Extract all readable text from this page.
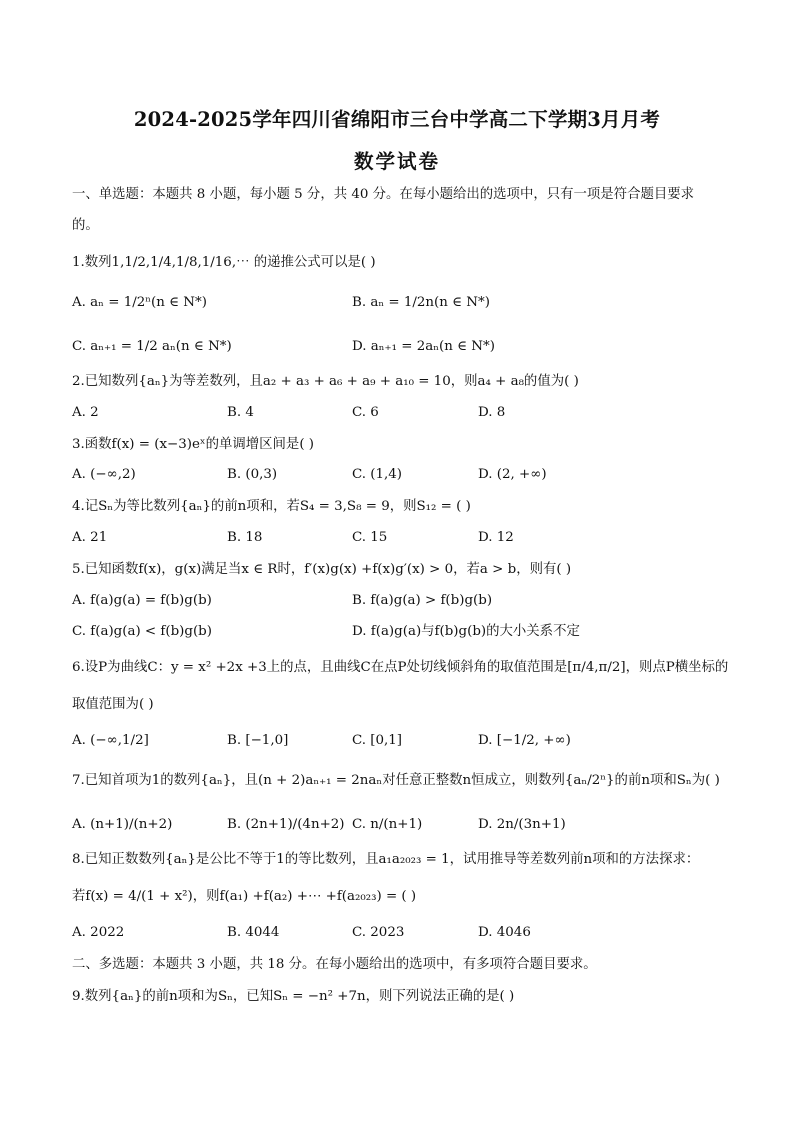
2024-2025学年四川省绵阳市三台中学高二下学期3月月考
数学试卷
一、单选题：本题共 8 小题，每小题 5 分，共 40 分。在每小题给出的选项中，只有一项是符合题目要求
的。
1.数列1,1/2,1/4,1/8,1/16,⋯ 的递推公式可以是( )
A. aₙ = 1/2ⁿ(n ∈ N*)	B. aₙ = 1/2n(n ∈ N*)
C. aₙ₊₁ = 1/2 aₙ(n ∈ N*)	D. aₙ₊₁ = 2aₙ(n ∈ N*)
2.已知数列{aₙ}为等差数列，且a₂ + a₃ + a₆ + a₉ + a₁₀ = 10，则a₄ + a₈的值为( )
A. 2	B. 4	C. 6	D. 8
3.函数f(x) = (x−3)eˣ的单调增区间是( )
A. (−∞,2)	B. (0,3)	C. (1,4)	D. (2, +∞)
4.记Sₙ为等比数列{aₙ}的前n项和，若S₄ = 3,S₈ = 9，则S₁₂ = ( )
A. 21	B. 18	C. 15	D. 12
5.已知函数f(x)，g(x)满足当x ∈ R时，f′(x)g(x) +f(x)g′(x) > 0，若a > b，则有( )
A. f(a)g(a) = f(b)g(b)	B. f(a)g(a) > f(b)g(b)
C. f(a)g(a) < f(b)g(b)	D. f(a)g(a)与f(b)g(b)的大小关系不定
6.设P为曲线C：y = x² +2x +3上的点，且曲线C在点P处切线倾斜角的取值范围是[π/4,π/2]，则点P横坐标的
取值范围为( )
A. (−∞,1/2]	B. [−1,0]	C. [0,1]	D. [−1/2, +∞)
7.已知首项为1的数列{aₙ}，且(n + 2)aₙ₊₁ = 2naₙ对任意正整数n恒成立，则数列{aₙ/2ⁿ}的前n项和Sₙ为( )
A. (n+1)/(n+2)	B. (2n+1)/(4n+2) C. n/(n+1)	D. 2n/(3n+1)
8.已知正数数列{aₙ}是公比不等于1的等比数列，且a₁a₂₀₂₃ = 1，试用推导等差数列前n项和的方法探求：
若f(x) = 4/(1 + x²)，则f(a₁) +f(a₂) +⋯ +f(a₂₀₂₃) = ( )
A. 2022	B. 4044	C. 2023	D. 4046
二、多选题：本题共 3 小题，共 18 分。在每小题给出的选项中，有多项符合题目要求。
9.数列{aₙ}的前n项和为Sₙ，已知Sₙ = −n² +7n，则下列说法正确的是( )
